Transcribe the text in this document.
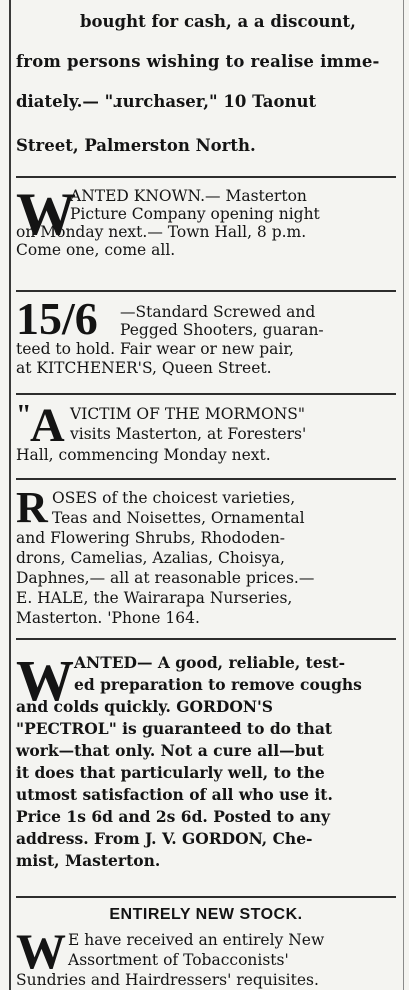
bought for cash, a a discount,
from persons wishing to realise imme-
diately.— "ɹurchaser," 10 Taonut
Street, Palmerston North.
W
ANTED KNOWN.— Masterton
Picture Company opening night
on Monday next.— Town Hall, 8 p.m.
Come one, come all.
15/6 —Standard Screwed and
Pegged Shooters, guaran-
teed to hold. Fair wear or new pair,
at KITCHENER'S, Queen Street.
"
A VICTIM OF THE MORMONS"
visits Masterton, at Foresters'
Hall, commencing Monday next.
R OSES of the choicest varieties,
Teas and Noisettes, Ornamental
and Flowering Shrubs, Rhododen-
drons, Camelias, Azalias, Choisya,
Daphnes,— all at reasonable prices.—
E. HALE, the Wairarapa Nurseries,
Masterton. 'Phone 164.
W ANTED— A good, reliable, test-
ed preparation to remove coughs
and colds quickly. GORDON'S
"PECTROL" is guaranteed to do that
work—that only. Not a cure all—but
it does that particularly well, to the
utmost satisfaction of all who use it.
Price 1s 6d and 2s 6d. Posted to any
address. From J. V. GORDON, Che-
mist, Masterton.
ENTIRELY NEW STOCK.
W E have received an entirely New
Assortment of Tobacconists'
Sundries and Hairdressers' requisites.
